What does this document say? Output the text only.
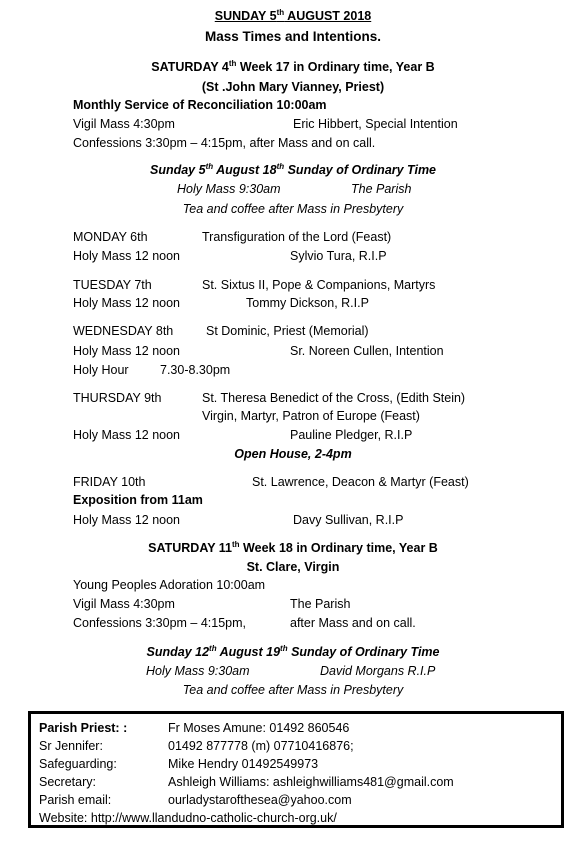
SUNDAY 5th AUGUST 2018
Mass Times and Intentions.
SATURDAY 4th Week 17 in Ordinary time, Year B
(St .John Mary Vianney, Priest)
Monthly Service of Reconciliation 10:00am
Vigil Mass 4:30pm	Eric Hibbert, Special Intention
Confessions 3:30pm – 4:15pm, after Mass and on call.
Sunday 5th August 18th Sunday of Ordinary Time
Holy Mass 9:30am	The Parish
Tea and coffee after Mass in Presbytery
MONDAY 6th	Transfiguration of the Lord (Feast)
Holy Mass 12 noon	Sylvio Tura, R.I.P
TUESDAY 7th	St. Sixtus II, Pope & Companions, Martyrs
Holy Mass 12 noon	Tommy Dickson, R.I.P
WEDNESDAY 8th	St Dominic, Priest (Memorial)
Holy Mass 12 noon	Sr. Noreen Cullen, Intention
Holy Hour	7.30-8.30pm
THURSDAY 9th	St. Theresa Benedict of the Cross, (Edith Stein)
Virgin, Martyr, Patron of Europe (Feast)
Holy Mass 12 noon	Pauline Pledger, R.I.P
Open House, 2-4pm
FRIDAY 10th	St. Lawrence, Deacon & Martyr (Feast)
Exposition from 11am
Holy Mass 12 noon	Davy Sullivan, R.I.P
SATURDAY 11th Week 18 in Ordinary time, Year B
St. Clare, Virgin
Young Peoples Adoration 10:00am
Vigil Mass 4:30pm	The Parish
Confessions 3:30pm – 4:15pm,	after Mass and on call.
Sunday 12th August 19th Sunday of Ordinary Time
Holy Mass 9:30am	David Morgans R.I.P
Tea and coffee after Mass in Presbytery
Parish Priest: :	Fr Moses Amune: 01492 860546
Sr Jennifer:	01492 877778 (m) 07710416876;
Safeguarding:	Mike Hendry 01492549973
Secretary:	Ashleigh Williams: ashleighwilliams481@gmail.com
Parish email:	ourladystarofthesea@yahoo.com
Website: http://www.llandudno-catholic-church-org.uk/
